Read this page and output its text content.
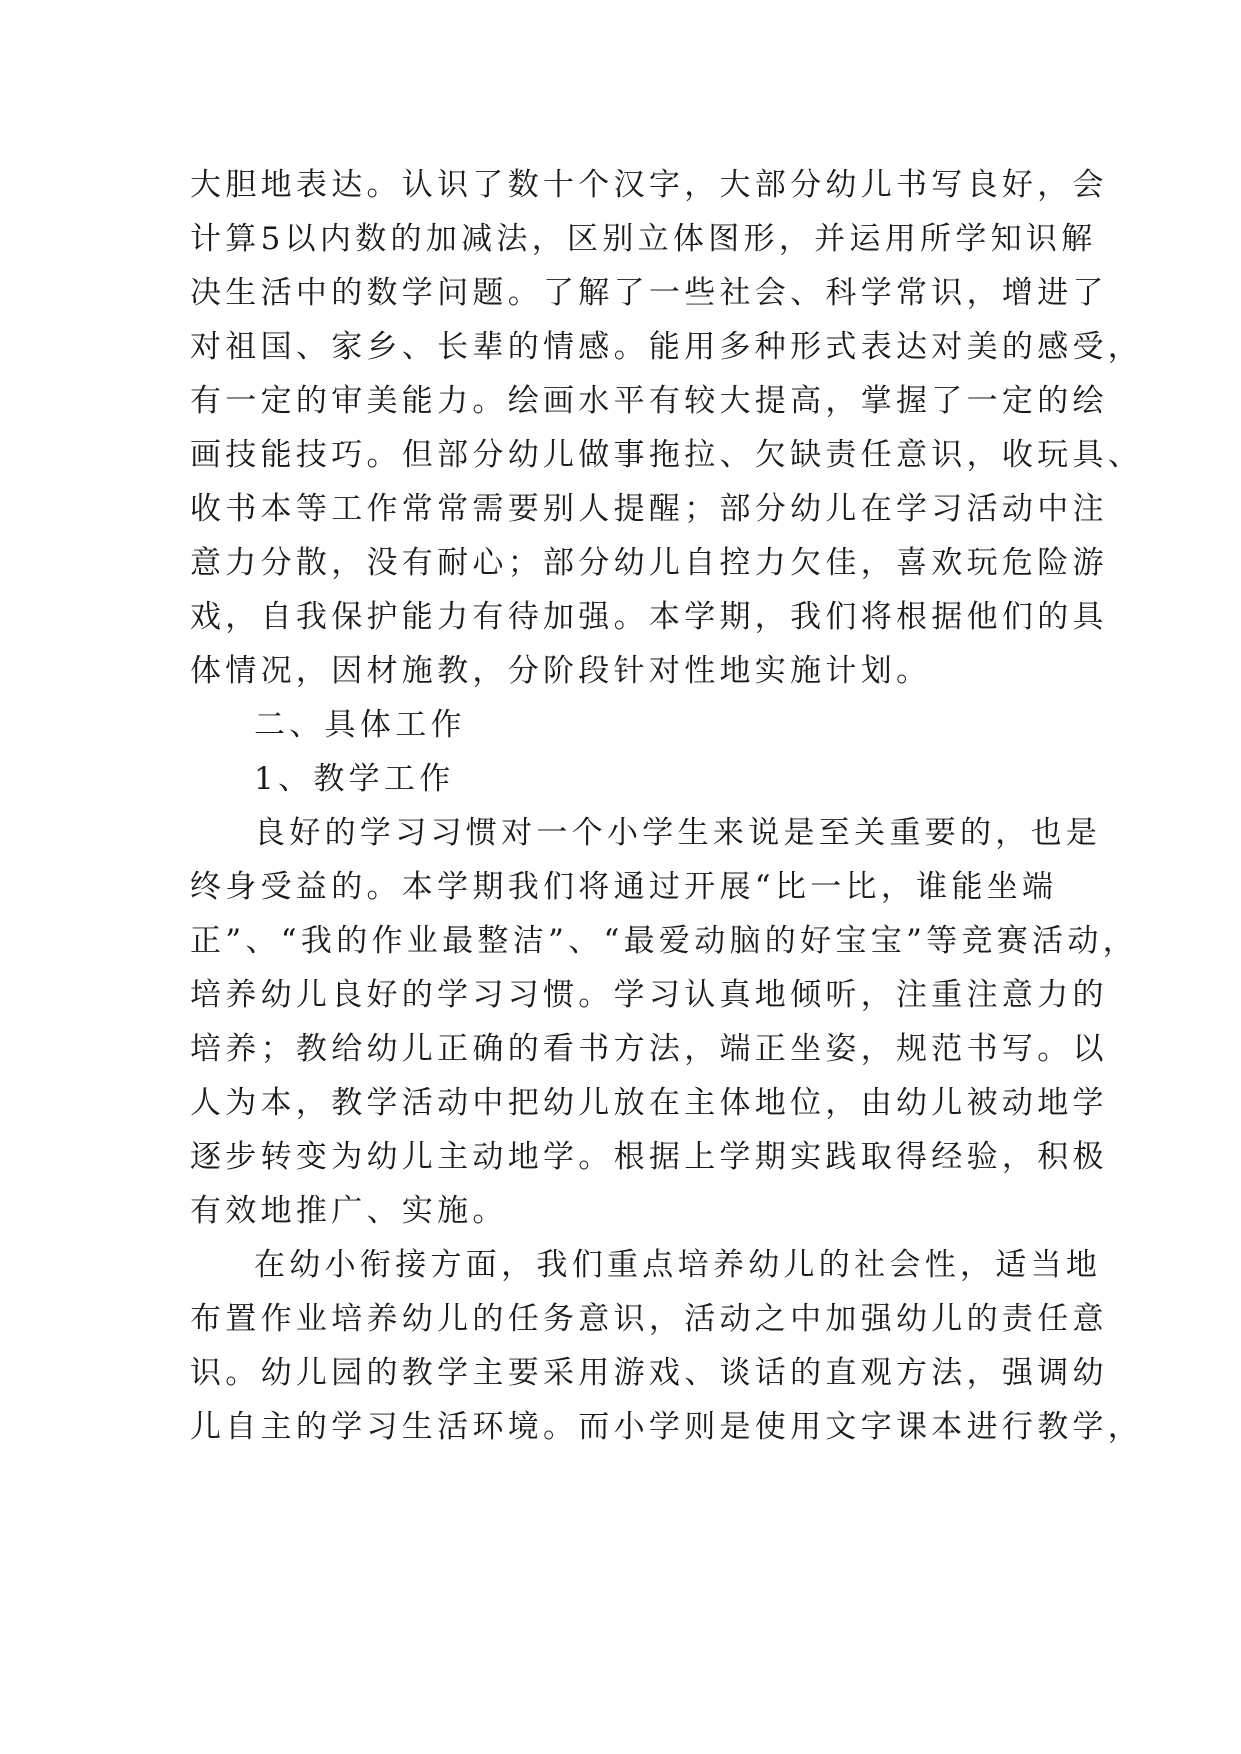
大胆地表达。认识了数十个汉字，大部分幼儿书写良好，会
计算5以内数的加减法，区别立体图形，并运用所学知识解
决生活中的数学问题。了解了一些社会、科学常识，增进了
对祖国、家乡、长辈的情感。能用多种形式表达对美的感受，
有一定的审美能力。绘画水平有较大提高，掌握了一定的绘
画技能技巧。但部分幼儿做事拖拉、欠缺责任意识，收玩具、
收书本等工作常常需要别人提醒；部分幼儿在学习活动中注
意力分散，没有耐心；部分幼儿自控力欠佳，喜欢玩危险游
戏，自我保护能力有待加强。本学期，我们将根据他们的具
体情况，因材施教，分阶段针对性地实施计划。
二、具体工作
1、教学工作
良好的学习习惯对一个小学生来说是至关重要的，也是
终身受益的。本学期我们将通过开展“比一比，谁能坐端
正”、“我的作业最整洁”、“最爱动脑的好宝宝”等竞赛活动，
培养幼儿良好的学习习惯。学习认真地倾听，注重注意力的
培养；教给幼儿正确的看书方法，端正坐姿，规范书写。以
人为本，教学活动中把幼儿放在主体地位，由幼儿被动地学
逐步转变为幼儿主动地学。根据上学期实践取得经验，积极
有效地推广、实施。
在幼小衔接方面，我们重点培养幼儿的社会性，适当地
布置作业培养幼儿的任务意识，活动之中加强幼儿的责任意
识。幼儿园的教学主要采用游戏、谈话的直观方法，强调幼
儿自主的学习生活环境。而小学则是使用文字课本进行教学，
